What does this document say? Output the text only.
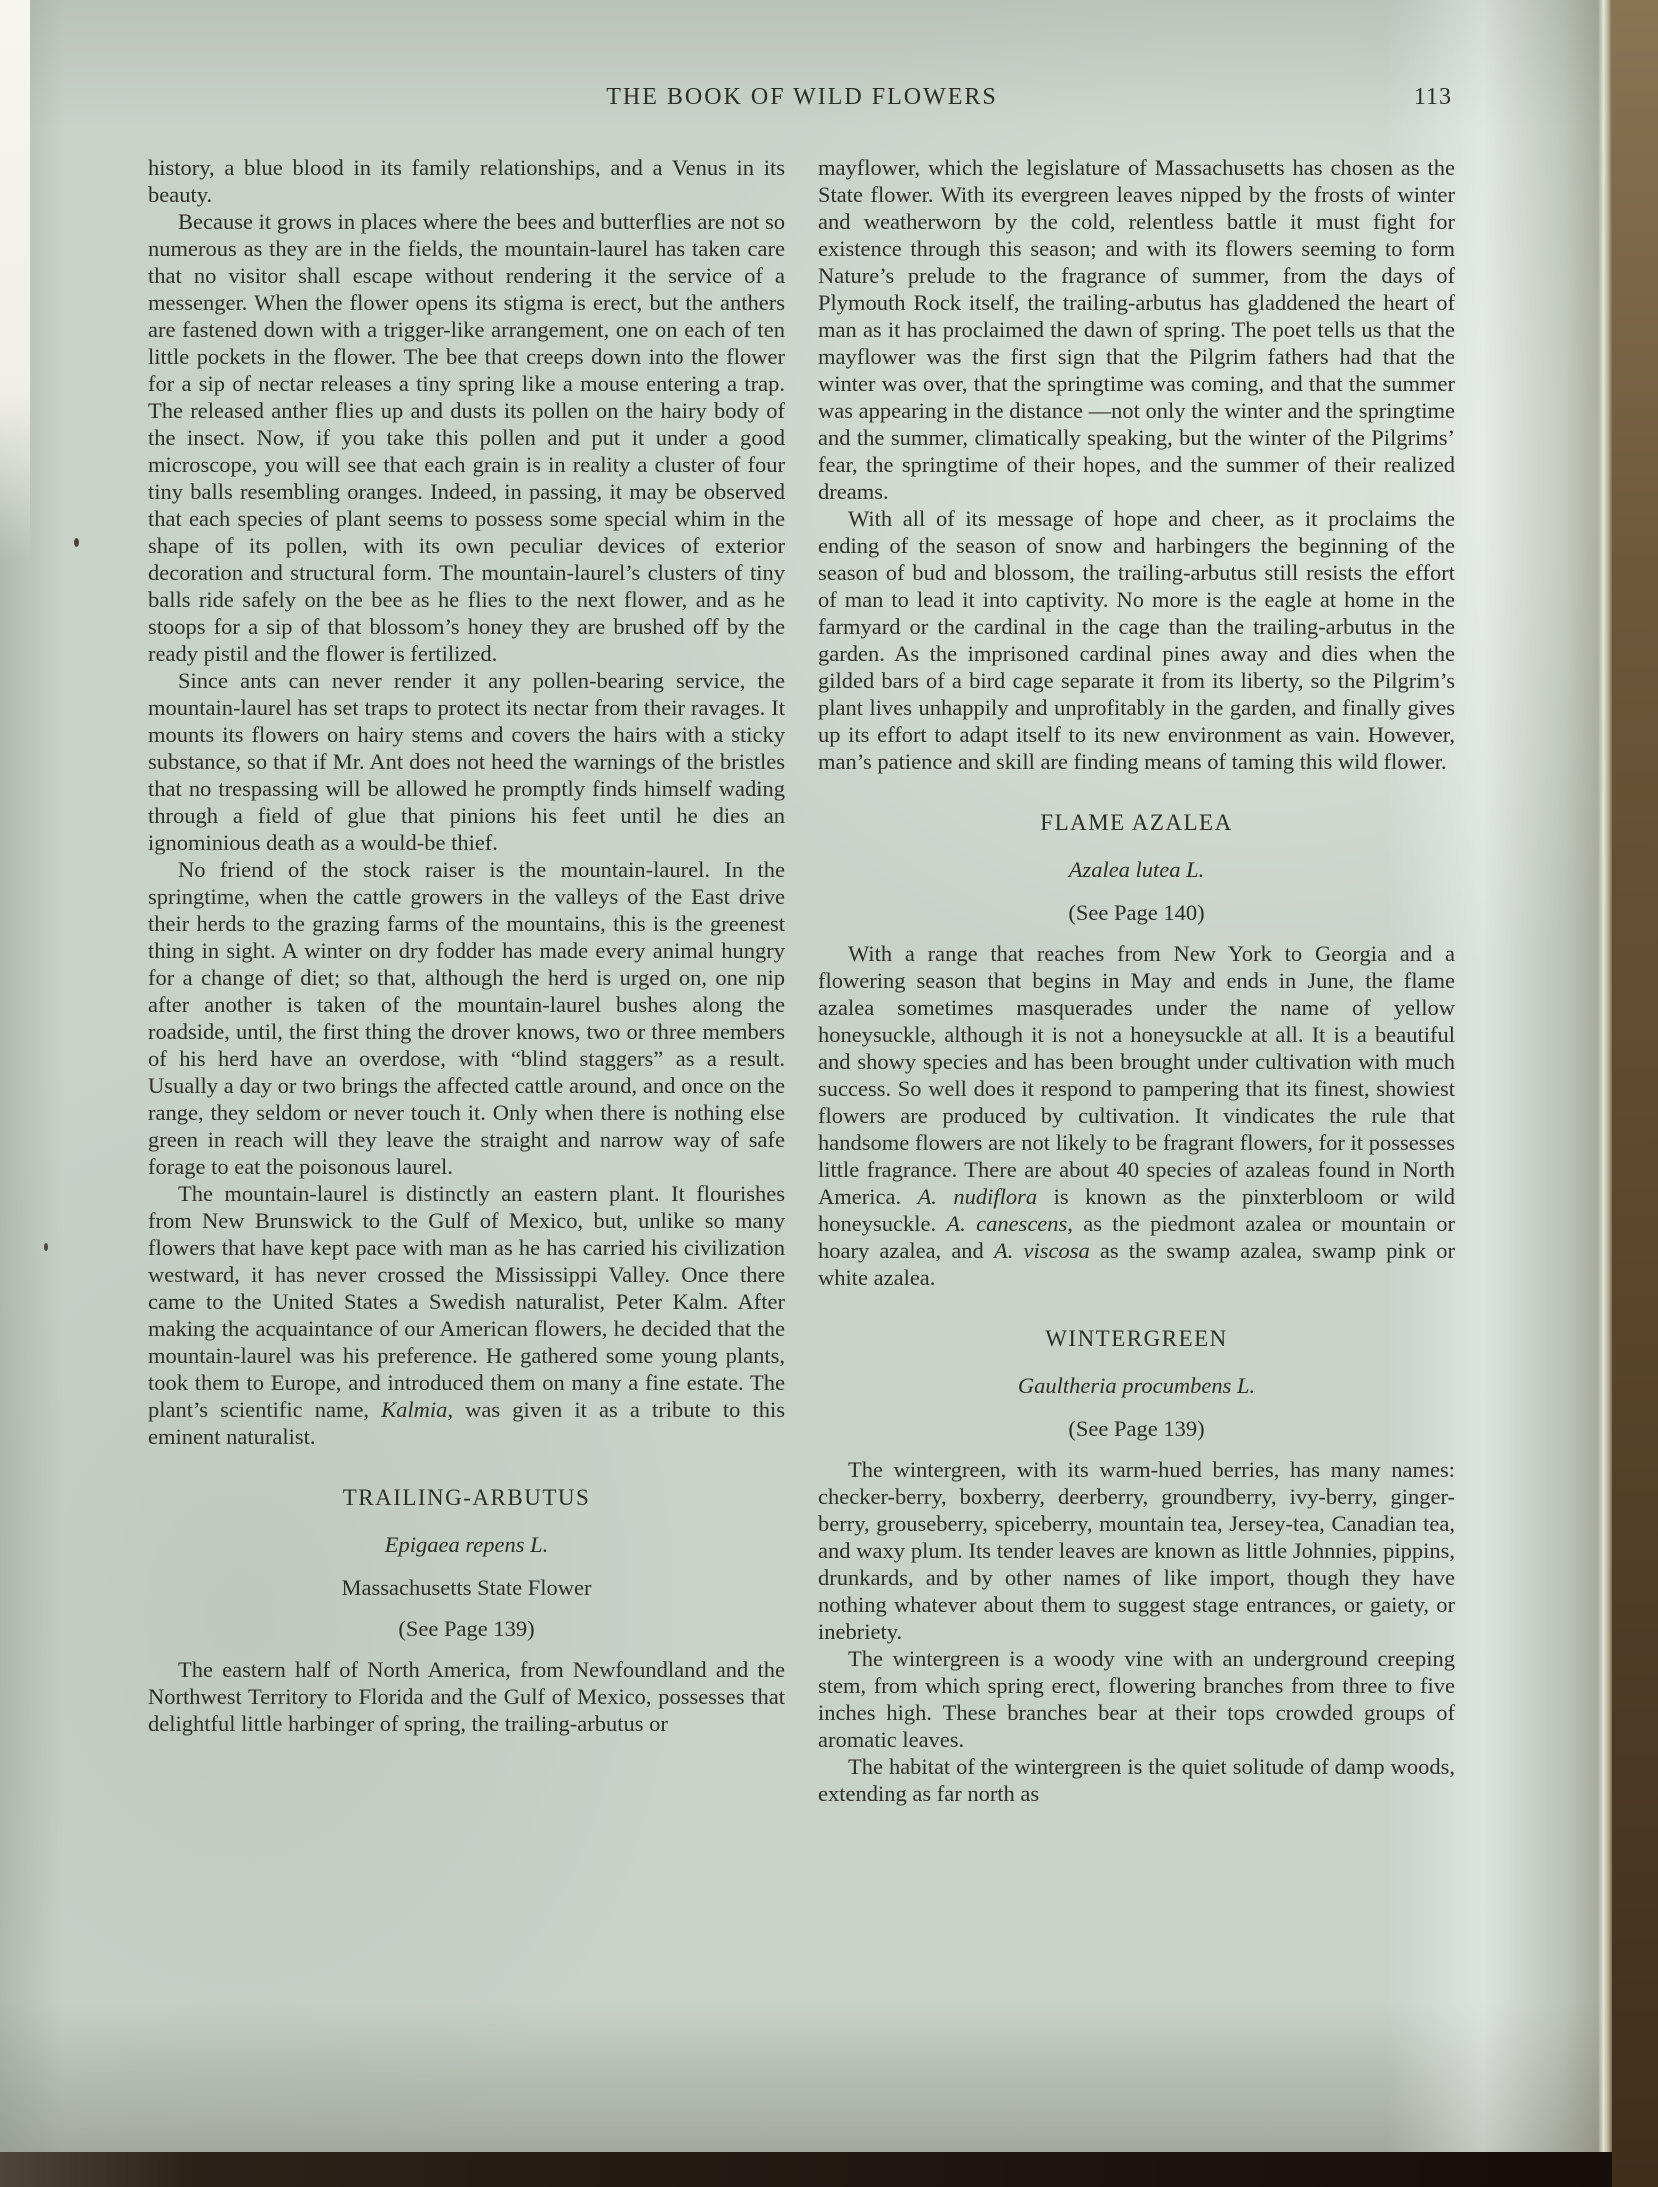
THE BOOK OF WILD FLOWERS	113

history, a blue blood in its family relationships, and a Venus in its beauty.

Because it grows in places where the bees and butterflies are not so numerous as they are in the fields, the mountain-laurel has taken care that no visitor shall escape without rendering it the service of a messenger. When the flower opens its stigma is erect, but the anthers are fastened down with a trigger-like arrangement, one on each of ten little pockets in the flower. The bee that creeps down into the flower for a sip of nectar releases a tiny spring like a mouse entering a trap. The released anther flies up and dusts its pollen on the hairy body of the insect. Now, if you take this pollen and put it under a good microscope, you will see that each grain is in reality a cluster of four tiny balls resembling oranges. Indeed, in passing, it may be observed that each species of plant seems to possess some special whim in the shape of its pollen, with its own peculiar devices of exterior decoration and structural form. The mountain-laurel’s clusters of tiny balls ride safely on the bee as he flies to the next flower, and as he stoops for a sip of that blossom’s honey they are brushed off by the ready pistil and the flower is fertilized.

Since ants can never render it any pollen-bearing service, the mountain-laurel has set traps to protect its nectar from their ravages. It mounts its flowers on hairy stems and covers the hairs with a sticky substance, so that if Mr. Ant does not heed the warnings of the bristles that no trespassing will be allowed he promptly finds himself wading through a field of glue that pinions his feet until he dies an ignominious death as a would-be thief.

No friend of the stock raiser is the mountain-laurel. In the springtime, when the cattle growers in the valleys of the East drive their herds to the grazing farms of the mountains, this is the greenest thing in sight. A winter on dry fodder has made every animal hungry for a change of diet; so that, although the herd is urged on, one nip after another is taken of the mountain-laurel bushes along the roadside, until, the first thing the drover knows, two or three members of his herd have an overdose, with “blind staggers” as a result. Usually a day or two brings the affected cattle around, and once on the range, they seldom or never touch it. Only when there is nothing else green in reach will they leave the straight and narrow way of safe forage to eat the poisonous laurel.

The mountain-laurel is distinctly an eastern plant. It flourishes from New Brunswick to the Gulf of Mexico, but, unlike so many flowers that have kept pace with man as he has carried his civilization westward, it has never crossed the Mississippi Valley. Once there came to the United States a Swedish naturalist, Peter Kalm. After making the acquaintance of our American flowers, he decided that the mountain-laurel was his preference. He gathered some young plants, took them to Europe, and introduced them on many a fine estate. The plant’s scientific name, Kalmia, was given it as a tribute to this eminent naturalist.

TRAILING-ARBUTUS
Epigaea repens L.
Massachusetts State Flower
(See Page 139)

The eastern half of North America, from Newfoundland and the Northwest Territory to Florida and the Gulf of Mexico, possesses that delightful little harbinger of spring, the trailing-arbutus or

mayflower, which the legislature of Massachusetts has chosen as the State flower. With its evergreen leaves nipped by the frosts of winter and weatherworn by the cold, relentless battle it must fight for existence through this season; and with its flowers seeming to form Nature’s prelude to the fragrance of summer, from the days of Plymouth Rock itself, the trailing-arbutus has gladdened the heart of man as it has proclaimed the dawn of spring. The poet tells us that the mayflower was the first sign that the Pilgrim fathers had that the winter was over, that the springtime was coming, and that the summer was appearing in the distance —not only the winter and the springtime and the summer, climatically speaking, but the winter of the Pilgrims’ fear, the springtime of their hopes, and the summer of their realized dreams.

With all of its message of hope and cheer, as it proclaims the ending of the season of snow and harbingers the beginning of the season of bud and blossom, the trailing-arbutus still resists the effort of man to lead it into captivity. No more is the eagle at home in the farmyard or the cardinal in the cage than the trailing-arbutus in the garden. As the imprisoned cardinal pines away and dies when the gilded bars of a bird cage separate it from its liberty, so the Pilgrim’s plant lives unhappily and unprofitably in the garden, and finally gives up its effort to adapt itself to its new environment as vain. However, man’s patience and skill are finding means of taming this wild flower.

FLAME AZALEA
Azalea lutea L.
(See Page 140)

With a range that reaches from New York to Georgia and a flowering season that begins in May and ends in June, the flame azalea sometimes masquerades under the name of yellow honeysuckle, although it is not a honeysuckle at all. It is a beautiful and showy species and has been brought under cultivation with much success. So well does it respond to pampering that its finest, showiest flowers are produced by cultivation. It vindicates the rule that handsome flowers are not likely to be fragrant flowers, for it possesses little fragrance. There are about 40 species of azaleas found in North America. A. nudiflora is known as the pinxterbloom or wild honeysuckle. A. canescens, as the piedmont azalea or mountain or hoary azalea, and A. viscosa as the swamp azalea, swamp pink or white azalea.

WINTERGREEN
Gaultheria procumbens L.
(See Page 139)

The wintergreen, with its warm-hued berries, has many names: checker-berry, boxberry, deerberry, groundberry, ivy-berry, ginger-berry, grouseberry, spiceberry, mountain tea, Jersey-tea, Canadian tea, and waxy plum. Its tender leaves are known as little Johnnies, pippins, drunkards, and by other names of like import, though they have nothing whatever about them to suggest stage entrances, or gaiety, or inebriety.

The wintergreen is a woody vine with an underground creeping stem, from which spring erect, flowering branches from three to five inches high. These branches bear at their tops crowded groups of aromatic leaves.

The habitat of the wintergreen is the quiet solitude of damp woods, extending as far north as
